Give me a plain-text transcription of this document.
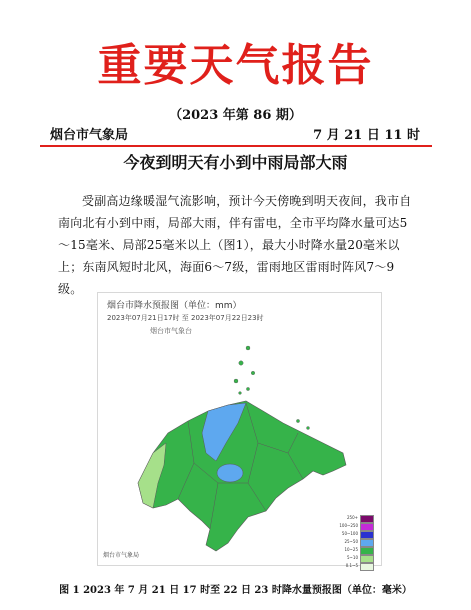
重要天气报告
（2023 年第 86 期）
烟台市气象局	7 月 21 日 11 时
今夜到明天有小到中雨局部大雨
受副高边缘暖湿气流影响，预计今天傍晚到明天夜间，我市自南向北有小到中雨，局部大雨，伴有雷电，全市平均降水量可达5～15毫米、局部25毫米以上（图1），最大小时降水量20毫米以上；东南风短时北风，海面6～7级，雷雨地区雷雨时阵风7～9级。
烟台市降水预报图（单位：mm）
2023年07月21日17时 至 2023年07月22日23时
烟台市气象台
250+
100~250
50~100
25~50
10~25
5~10
0.1~5
烟台市气象局
图 1 2023 年 7 月 21 日 17 时至 22 日 23 时降水量预报图（单位：毫米）
